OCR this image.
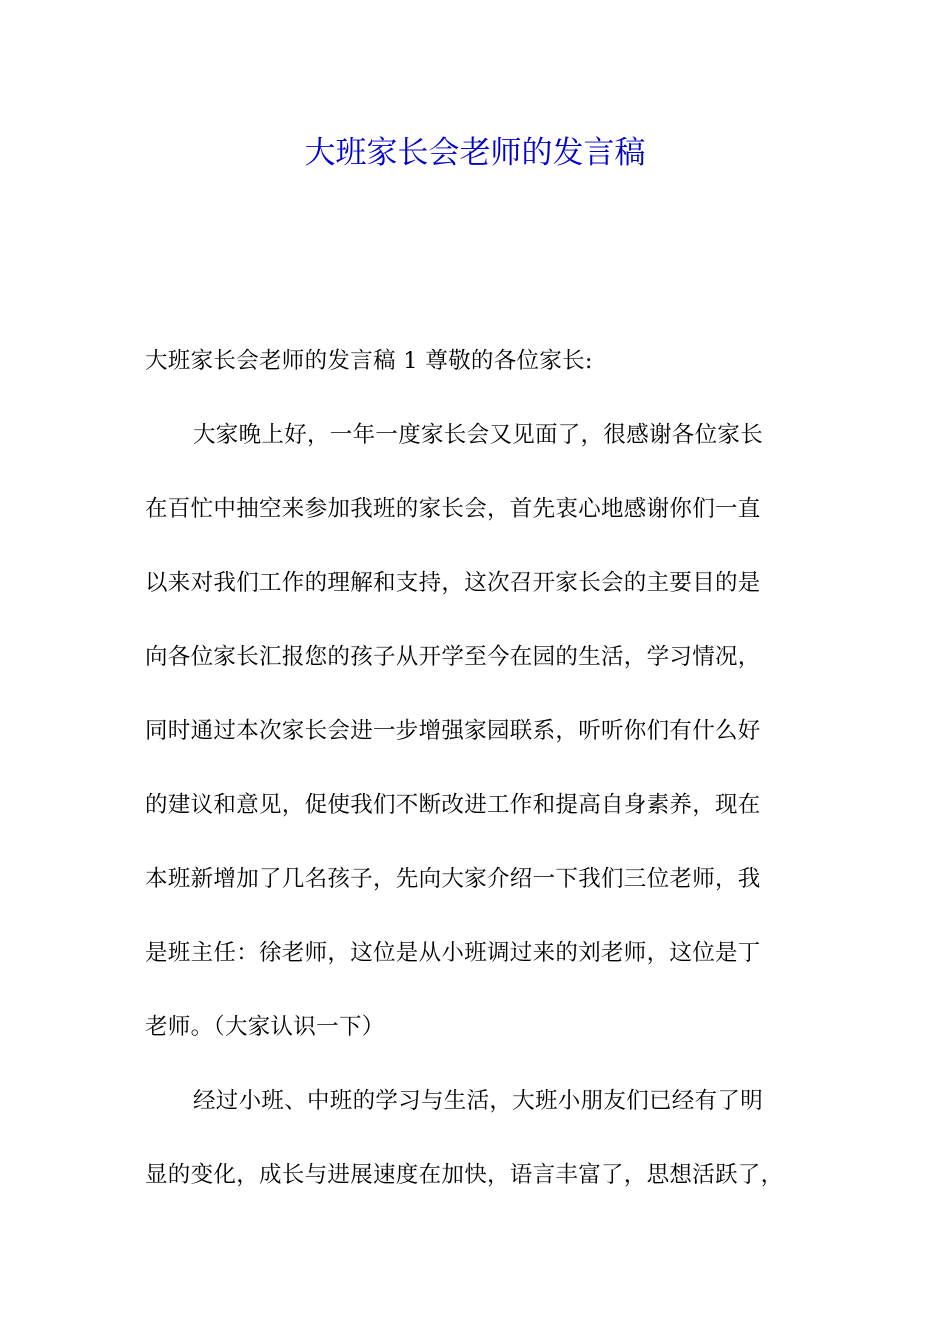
大班家长会老师的发言稿
大班家长会老师的发言稿 1 尊敬的各位家长:
大家晚上好，一年一度家长会又见面了，很感谢各位家长
在百忙中抽空来参加我班的家长会，首先衷心地感谢你们一直
以来对我们工作的理解和支持，这次召开家长会的主要目的是
向各位家长汇报您的孩子从开学至今在园的生活，学习情况，
同时通过本次家长会进一步增强家园联系，听听你们有什么好
的建议和意见，促使我们不断改进工作和提高自身素养，现在
本班新增加了几名孩子，先向大家介绍一下我们三位老师，我
是班主任：徐老师，这位是从小班调过来的刘老师，这位是丁
老师。（大家认识一下）
经过小班、中班的学习与生活，大班小朋友们已经有了明
显的变化，成长与进展速度在加快，语言丰富了，思想活跃了，
